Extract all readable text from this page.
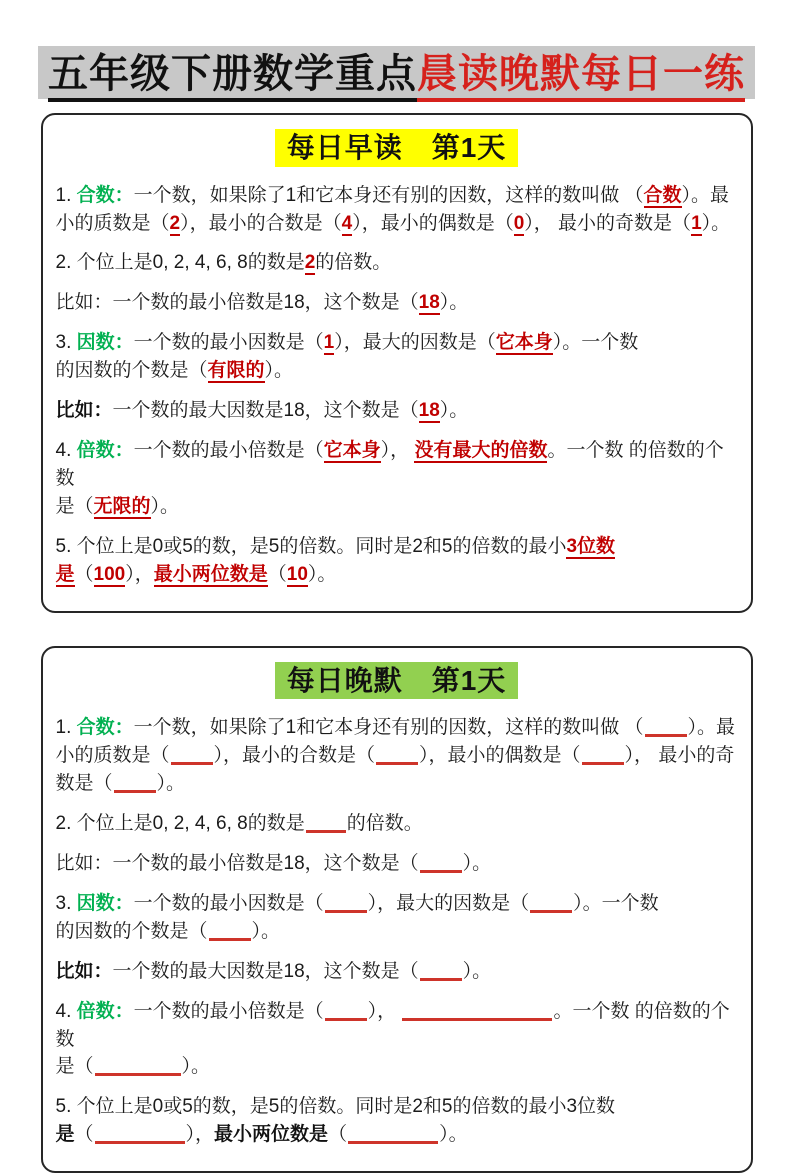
五年级下册数学重点晨读晚默每日一练
每日早读　第1天

1. 合数：一个数，如果除了1和它本身还有别的因数，这样的数叫做 （合数）。最小的质数是（2），最小的合数是（4），最小的偶数是（0）， 最小的奇数是（1）。

2. 个位上是0, 2, 4, 6, 8的数是2的倍数。

比如：一个数的最小倍数是18，这个数是（18）。

3. 因数：一个数的最小因数是（1），最大的因数是（它本身）。一个数
的因数的个数是（有限的）。

比如：一个数的最大因数是18，这个数是（18）。

4. 倍数：一个数的最小倍数是（它本身）， 没有最大的倍数。一个数 的倍数的个数
是（无限的）。

5. 个位上是0或5的数，是5的倍数。同时是2和5的倍数的最小3位数
是（100），最小两位数是（10）。

每日晚默　第1天

1. 合数：一个数，如果除了1和它本身还有别的因数，这样的数叫做 （ ）。最小的质数是（ ），最小的合数是（ ），最小的偶数是（ ）， 最小的奇数是（ ）。

2. 个位上是0, 2, 4, 6, 8的数是 的倍数。

比如：一个数的最小倍数是18，这个数是（ ）。

3. 因数：一个数的最小因数是（ ），最大的因数是（ ）。一个数
的因数的个数是（ ）。

比如：一个数的最大因数是18，这个数是（ ）。

4. 倍数：一个数的最小倍数是（ ），	。一个数 的倍数的个数
是（	）。

5. 个位上是0或5的数，是5的倍数。同时是2和5的倍数的最小3位数
是（	），最小两位数是（	）。
